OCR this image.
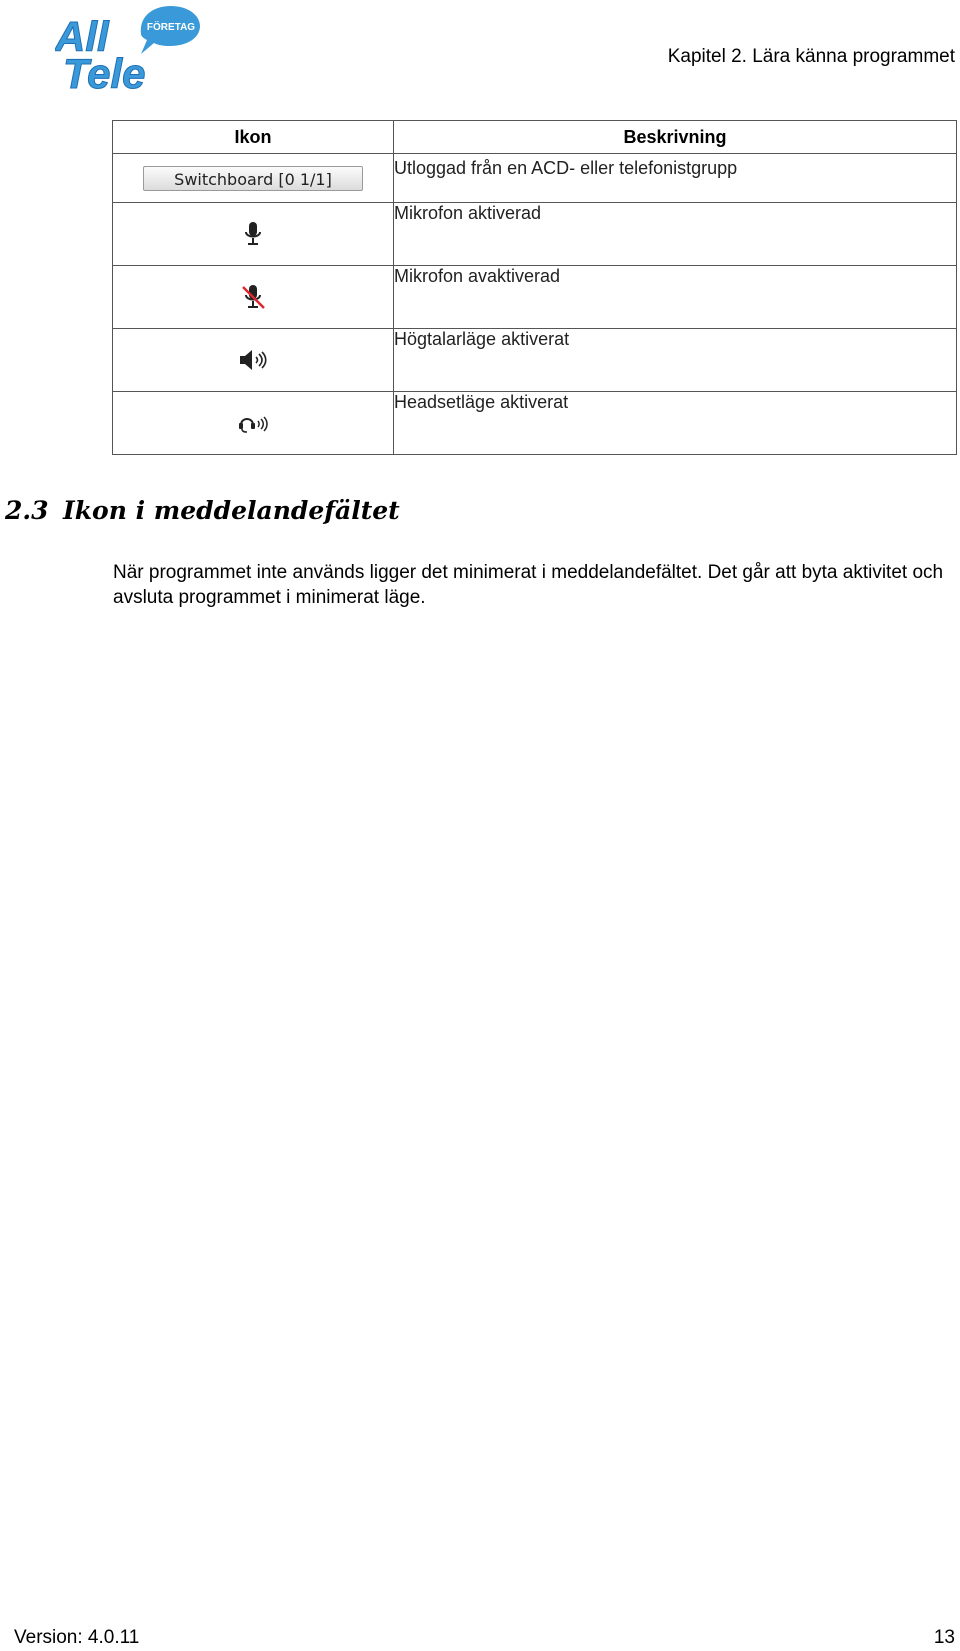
FÖRETAG
All
Tele	Kapitel 2. Lära känna programmet
Ikon	Beskrivning
Switchboard [0 1/1]	Utloggad från en ACD- eller telefonistgrupp
	Mikrofon aktiverad
	Mikrofon avaktiverad
	Högtalarläge aktiverat
	Headsetläge aktiverat
2.3 Ikon i meddelandefältet

När programmet inte används ligger det minimerat i meddelandefältet. Det går att byta aktivitet och avsluta programmet i minimerat läge.

Version: 4.0.11	13
